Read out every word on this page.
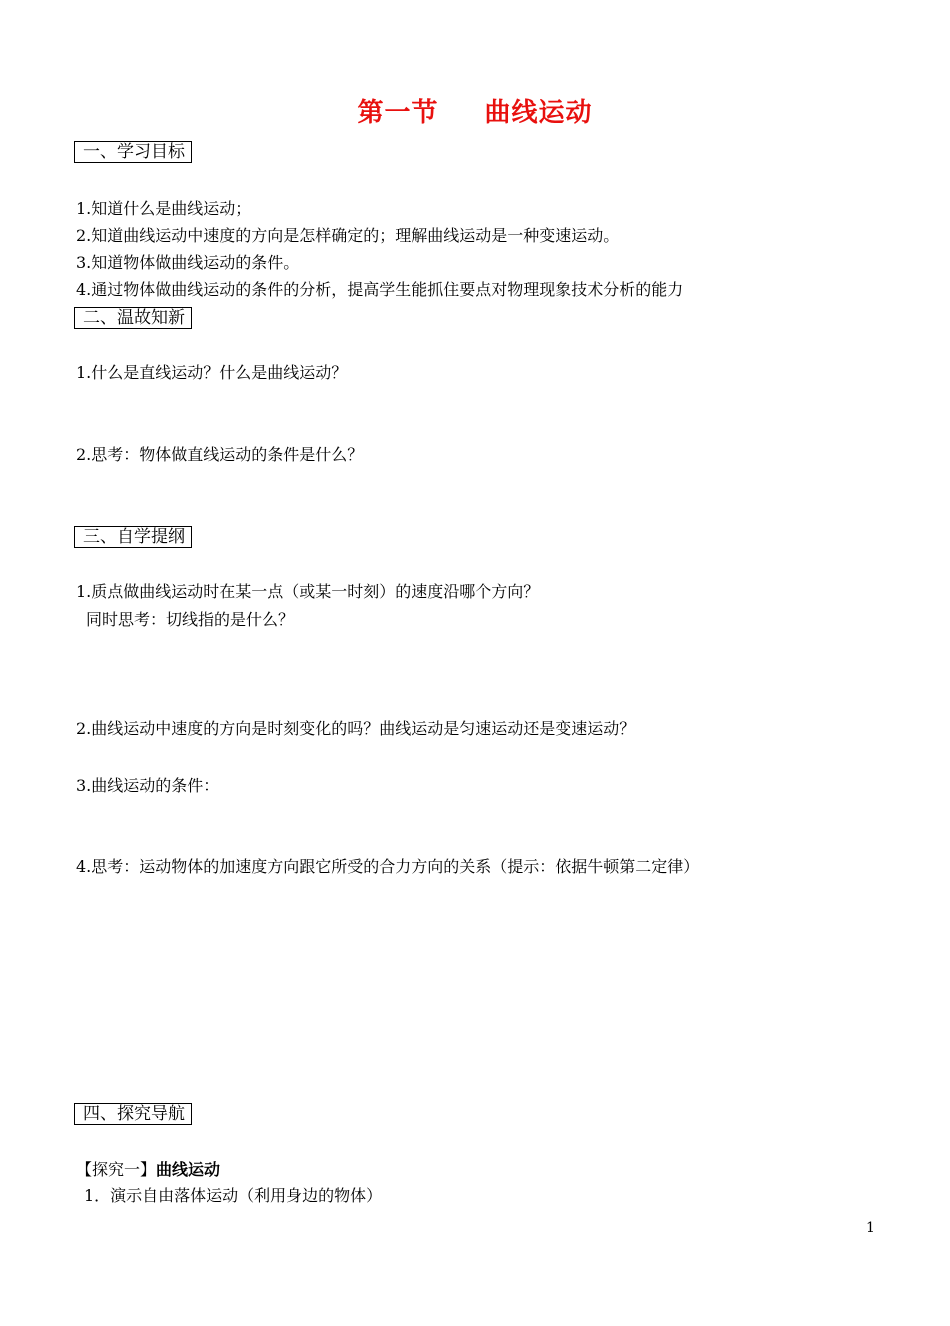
第一节 曲线运动
一、学习目标
1.知道什么是曲线运动；
2.知道曲线运动中速度的方向是怎样确定的；理解曲线运动是一种变速运动。
3.知道物体做曲线运动的条件。
4.通过物体做曲线运动的条件的分析，提高学生能抓住要点对物理现象技术分析的能力
二、温故知新
1.什么是直线运动？什么是曲线运动？
2.思考：物体做直线运动的条件是什么？
三、自学提纲
1.质点做曲线运动时在某一点（或某一时刻）的速度沿哪个方向？
同时思考：切线指的是什么？
2.曲线运动中速度的方向是时刻变化的吗？曲线运动是匀速运动还是变速运动？
3.曲线运动的条件：
4.思考：运动物体的加速度方向跟它所受的合力方向的关系（提示：依据牛顿第二定律）
四、探究导航
【探究一】曲线运动
1．演示自由落体运动（利用身边的物体）
1
